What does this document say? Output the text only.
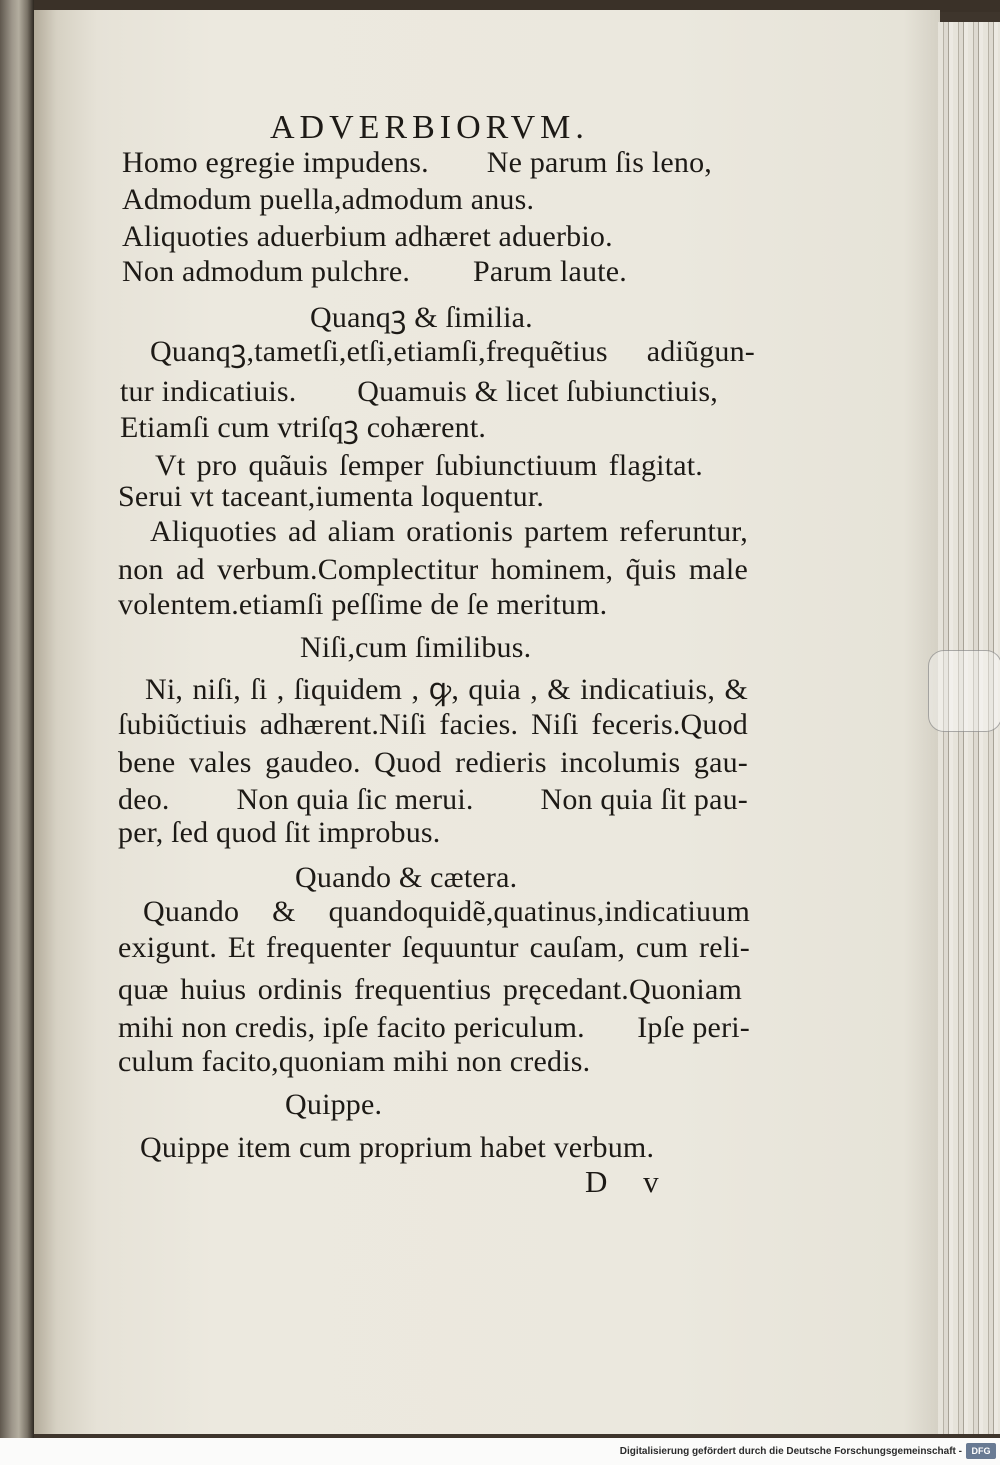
ADVERBIORVM.
Homo egregie impudens. Ne parum ſis leno,
Admodum puella,admodum anus.
Aliquoties aduerbium adhæret aduerbio.
Non admodum pulchre. Parum laute.
Quanqꝫ & ſimilia.
Quanqꝫ,tametſi,etſi,etiamſi,frequẽtius adiũgun-
tur indicatiuis. Quamuis & licet ſubiunctiuis,
Etiamſi cum vtriſqꝫ cohærent.
Vt pro quãuis ſemper ſubiunctiuum flagitat.
Serui vt taceant,iumenta loquentur.
Aliquoties ad aliam orationis partem referuntur,
non ad verbum.Complectitur hominem, q̃uis male
volentem.etiamſi peſſime de ſe meritum.
Niſi,cum ſimilibus.
Ni, niſi, ſi , ſiquidem , ꝙ, quia , & indicatiuis, &
ſubiũctiuis adhærent.Niſi facies. Niſi feceris.Quod
bene vales gaudeo. Quod redieris incolumis gau-
deo. Non quia ſic merui. Non quia ſit pau-
per, ſed quod ſit improbus.
Quando & cætera.
Quando & quandoquidẽ,quatinus,indicatiuum
exigunt. Et frequenter ſequuntur cauſam, cum reli-
quæ huius ordinis frequentius pręcedant.Quoniam
mihi non credis, ipſe facito periculum. Ipſe peri-
culum facito,quoniam mihi non credis.
Quippe.
Quippe item cum proprium habet verbum.
D v
Digitalisierung gefördert durch die Deutsche Forschungsgemeinschaft -	DFG
